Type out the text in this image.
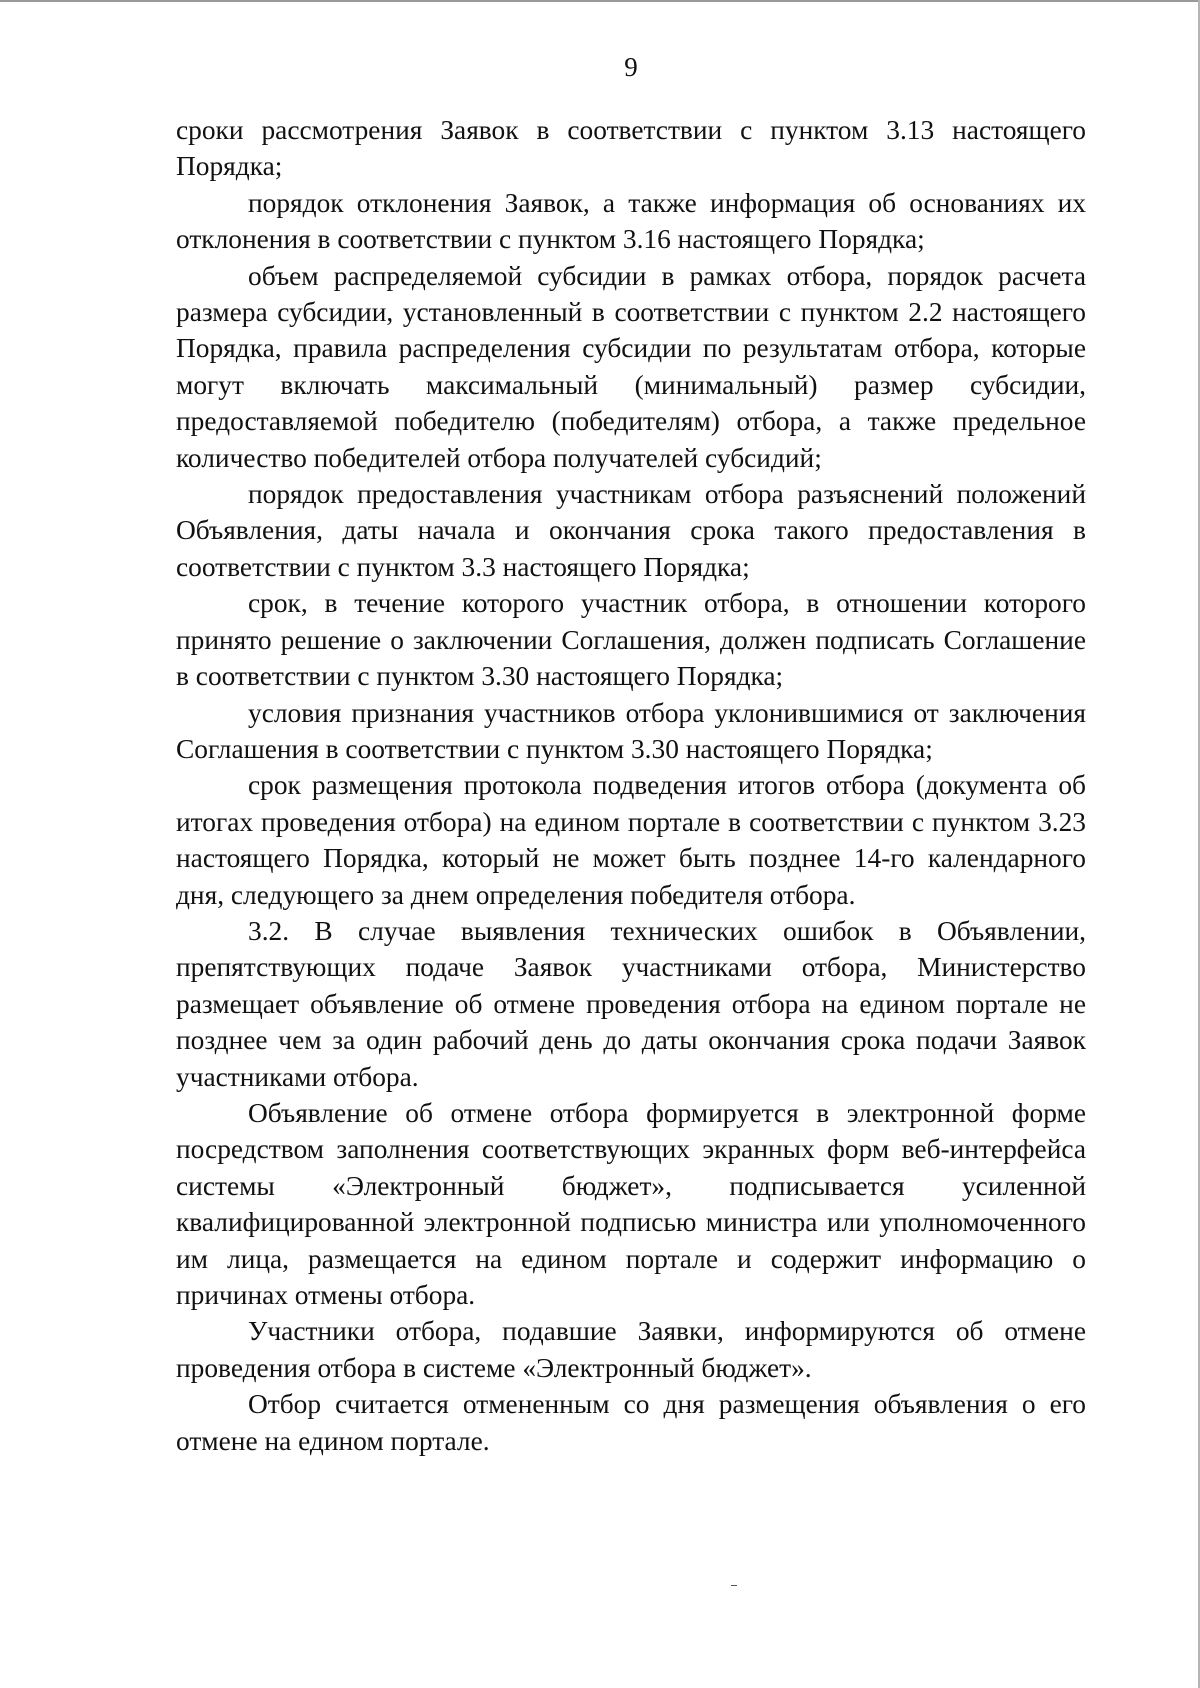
9

сроки рассмотрения Заявок в соответствии с пунктом 3.13 настоящего Порядка;

порядок отклонения Заявок, а также информация об основаниях их отклонения в соответствии с пунктом 3.16 настоящего Порядка;

объем распределяемой субсидии в рамках отбора, порядок расчета размера субсидии, установленный в соответствии с пунктом 2.2 настоящего Порядка, правила распределения субсидии по результатам отбора, которые могут включать максимальный (минимальный) размер субсидии, предоставляемой победителю (победителям) отбора, а также предельное количество победителей отбора получателей субсидий;

порядок предоставления участникам отбора разъяснений положений Объявления, даты начала и окончания срока такого предоставления в соответствии с пунктом 3.3 настоящего Порядка;

срок, в течение которого участник отбора, в отношении которого принято решение о заключении Соглашения, должен подписать Соглашение в соответствии с пунктом 3.30 настоящего Порядка;

условия признания участников отбора уклонившимися от заключения Соглашения в соответствии с пунктом 3.30 настоящего Порядка;

срок размещения протокола подведения итогов отбора (документа об итогах проведения отбора) на едином портале в соответствии с пунктом 3.23 настоящего Порядка, который не может быть позднее 14-го календарного дня, следующего за днем определения победителя отбора.

3.2. В случае выявления технических ошибок в Объявлении, препятствующих подаче Заявок участниками отбора, Министерство размещает объявление об отмене проведения отбора на едином портале не позднее чем за один рабочий день до даты окончания срока подачи Заявок участниками отбора.

Объявление об отмене отбора формируется в электронной форме посредством заполнения соответствующих экранных форм веб-интерфейса системы «Электронный бюджет», подписывается усиленной квалифицированной электронной подписью министра или уполномоченного им лица, размещается на едином портале и содержит информацию о причинах отмены отбора.

Участники отбора, подавшие Заявки, информируются об отмене проведения отбора в системе «Электронный бюджет».

Отбор считается отмененным со дня размещения объявления о его отмене на едином портале.
